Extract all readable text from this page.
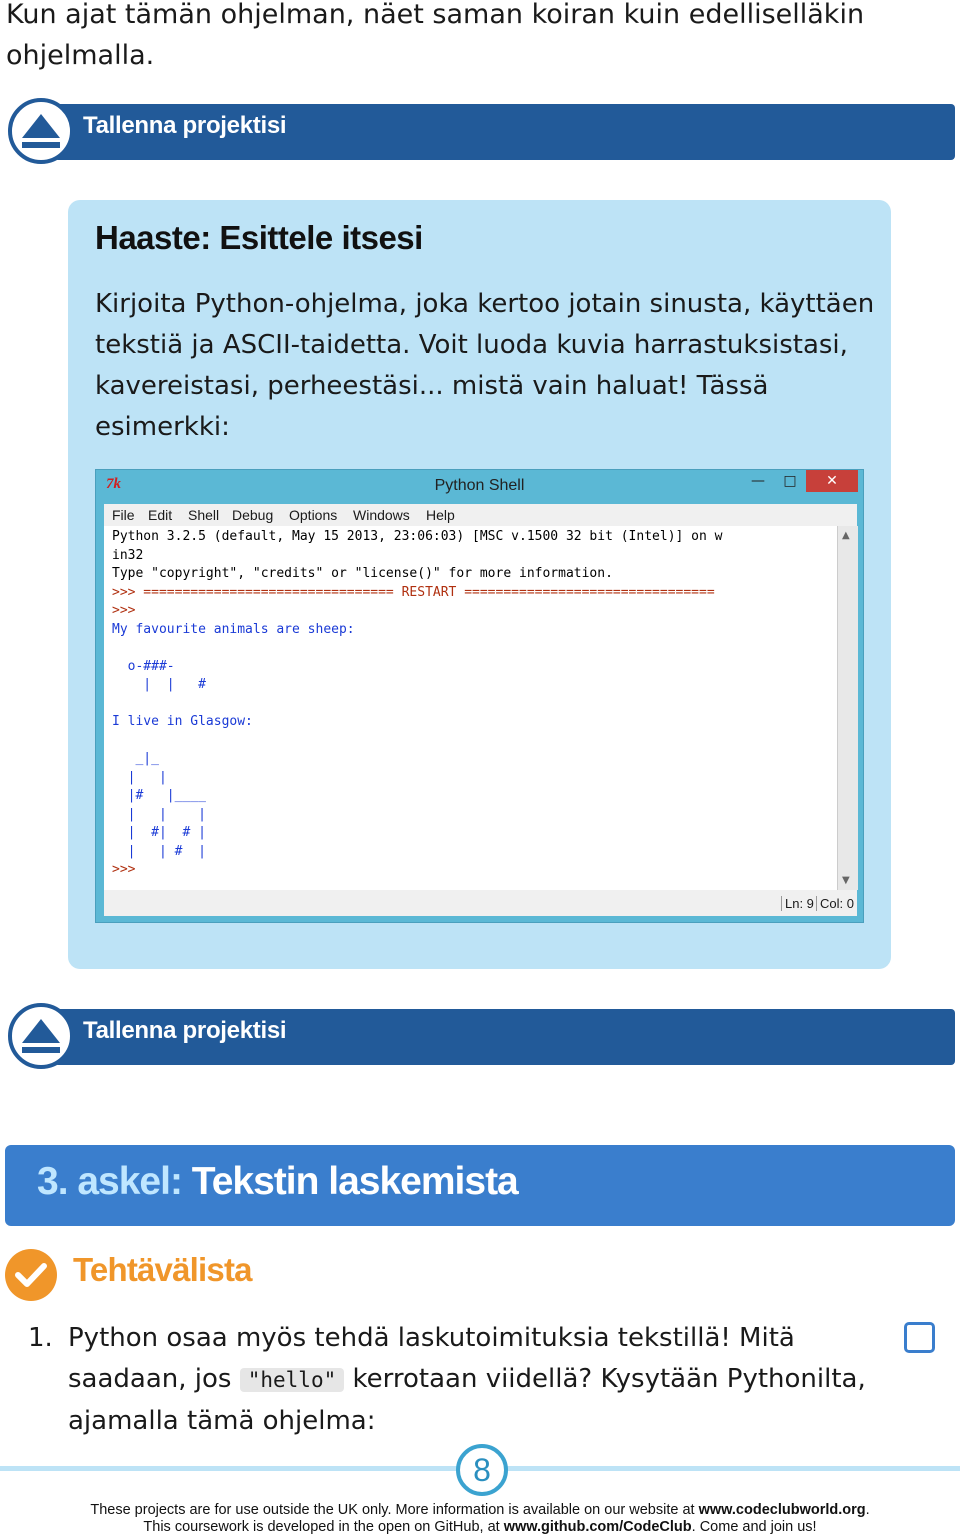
Kun ajat tämän ohjelman, näet saman koiran kuin edelliselläkin ohjelmalla.
Tallenna projektisi
Haaste: Esittele itsesi
Kirjoita Python-ohjelma, joka kertoo jotain sinusta, käyttäen tekstiä ja ASCII-taidetta. Voit luoda kuvia harrastuksistasi, kavereistasi, perheestäsi... mistä vain haluat! Tässä esimerkki:
7k	Python Shell	—	□	✕
File Edit Shell Debug Options Windows Help
Python 3.2.5 (default, May 15 2013, 23:06:03) [MSC v.1500 32 bit (Intel)] on w
in32
Type "copyright", "credits" or "license()" for more information.
>>> ================================ RESTART ================================
>>>
My favourite animals are sheep:
o-###-
|  |   #
I live in Glasgow:
_|_
|   |
|#   |____
|   |    |
|  #|  # |
|   | #  |
>>>
▲
▼
Ln: 9 Col: 0
Tallenna projektisi
3. askel: Tekstin laskemista
Tehtävälista
1. Python osaa myös tehdä laskutoimituksia tekstillä! Mitä saadaan, jos "hello" kerrotaan viidellä? Kysytään Pythonilta, ajamalla tämä ohjelma:
8
These projects are for use outside the UK only. More information is available on our website at www.codeclubworld.org.
This coursework is developed in the open on GitHub, at www.github.com/CodeClub. Come and join us!
